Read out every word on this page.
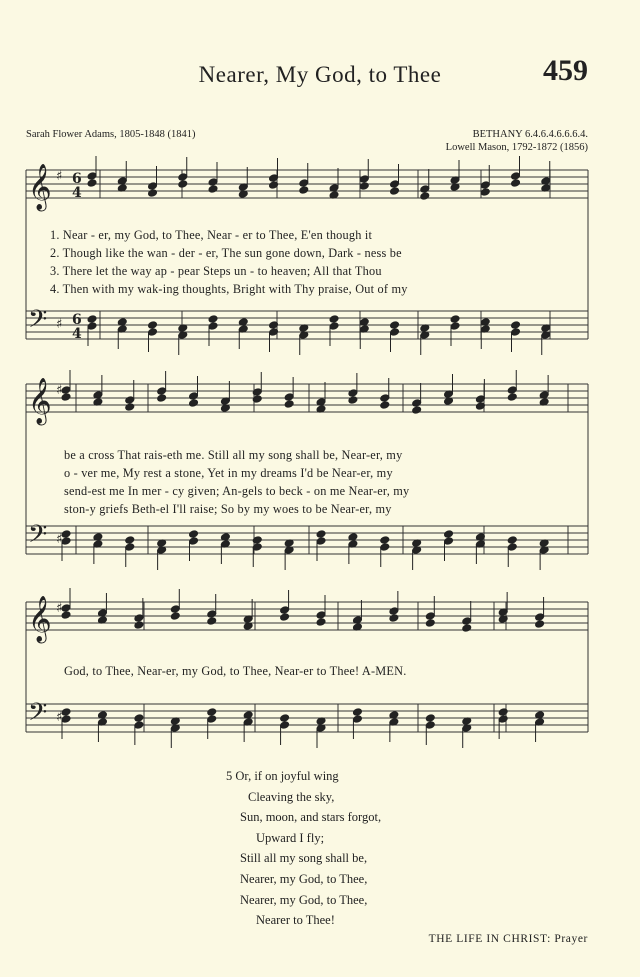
Nearer, My God, to Thee	459
Sarah Flower Adams, 1805-1848 (1841)	BETHANY 6.4.6.4.6.6.6.4.
Lowell Mason, 1792-1872 (1856)
𝄞 ♯
𝄢 ♯
6
4
6
4
𝄞 ♯
𝄢 ♯
𝄞 ♯
𝄢 ♯
1. Near - er, my God, to Thee, Near - er to Thee, E'en though it
2. Though like the wan - der - er, The sun gone down, Dark - ness be
3. There let the way ap - pear Steps un - to heaven; All that Thou
4. Then with my wak-ing thoughts, Bright with Thy praise, Out of my
be a cross That rais-eth me. Still all my song shall be, Near-er, my
o - ver me, My rest a stone, Yet in my dreams I'd be Near-er, my
send-est me In mer - cy given; An-gels to beck - on me Near-er, my
ston-y griefs Beth-el I'll raise; So by my woes to be Near-er, my
God, to Thee, Near-er, my God, to Thee, Near-er to Thee! A-MEN.
5 Or, if on joyful wing
Cleaving the sky,
Sun, moon, and stars forgot,
Upward I fly;
Still all my song shall be,
Nearer, my God, to Thee,
Nearer, my God, to Thee,
Nearer to Thee!
THE LIFE IN CHRIST: Prayer
